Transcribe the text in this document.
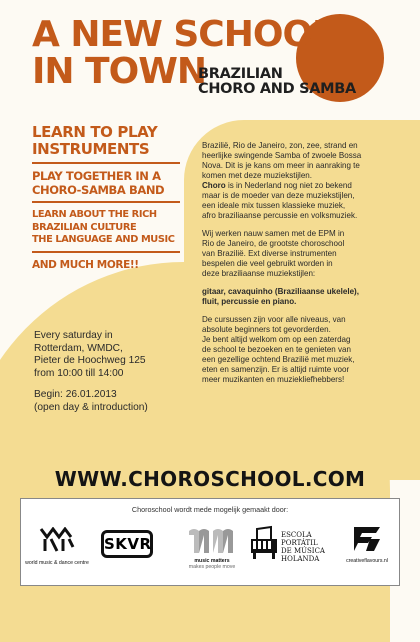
A NEW SCHOOL
IN TOWN
BRAZILIAN
CHORO AND SAMBA
LEARN TO PLAY
INSTRUMENTS
PLAY TOGETHER IN A
CHORO-SAMBA BAND
LEARN ABOUT THE RICH
BRAZILIAN CULTURE
THE LANGUAGE AND MUSIC
AND MUCH MORE!!
Every saturday in
Rotterdam, WMDC,
Pieter de Hoochweg 125
from 10:00 till 14:00
Begin: 26.01.2013
(open day & introduction)

Brazilië, Rio de Janeiro, zon, zee, strand en
heerlijke swingende Samba of zwoele Bossa
Nova. Dit is je kans om meer in aanraking te
komen met deze muziekstijlen.

Choro is in Nederland nog niet zo bekend
maar is de moeder van deze muziekstijlen,
een ideale mix tussen klassieke muziek,
afro braziliaanse percussie en volksmuziek.

Wij werken nauw samen met de EPM in
Rio de Janeiro, de grootste choroschool
van Brazilië. Ext diverse instrumenten
bespelen die veel gebruikt worden in
deze braziliaanse muziekstijlen:

gitaar, cavaquinho (Braziliaanse ukelele),
fluit, percussie en piano.

De cursussen zijn voor alle niveaus, van
absolute beginners tot gevorderden.
Je bent altijd welkom om op een zaterdag
de school te bezoeken en te genieten van
een gezellige ochtend Brazilië met muziek,
eten en samenzijn. Er is altijd ruimte voor
meer muzikanten en muziekliefhebbers!

WWW.CHOROSCHOOL.COM
Choroschool wordt mede mogelijk gemaakt door:
world music & dance centre
SKVR
music matters
makes people move
ESCOLA PORTÁTIL
DE MÚSICA
HOLANDA	creativeflavours.nl
